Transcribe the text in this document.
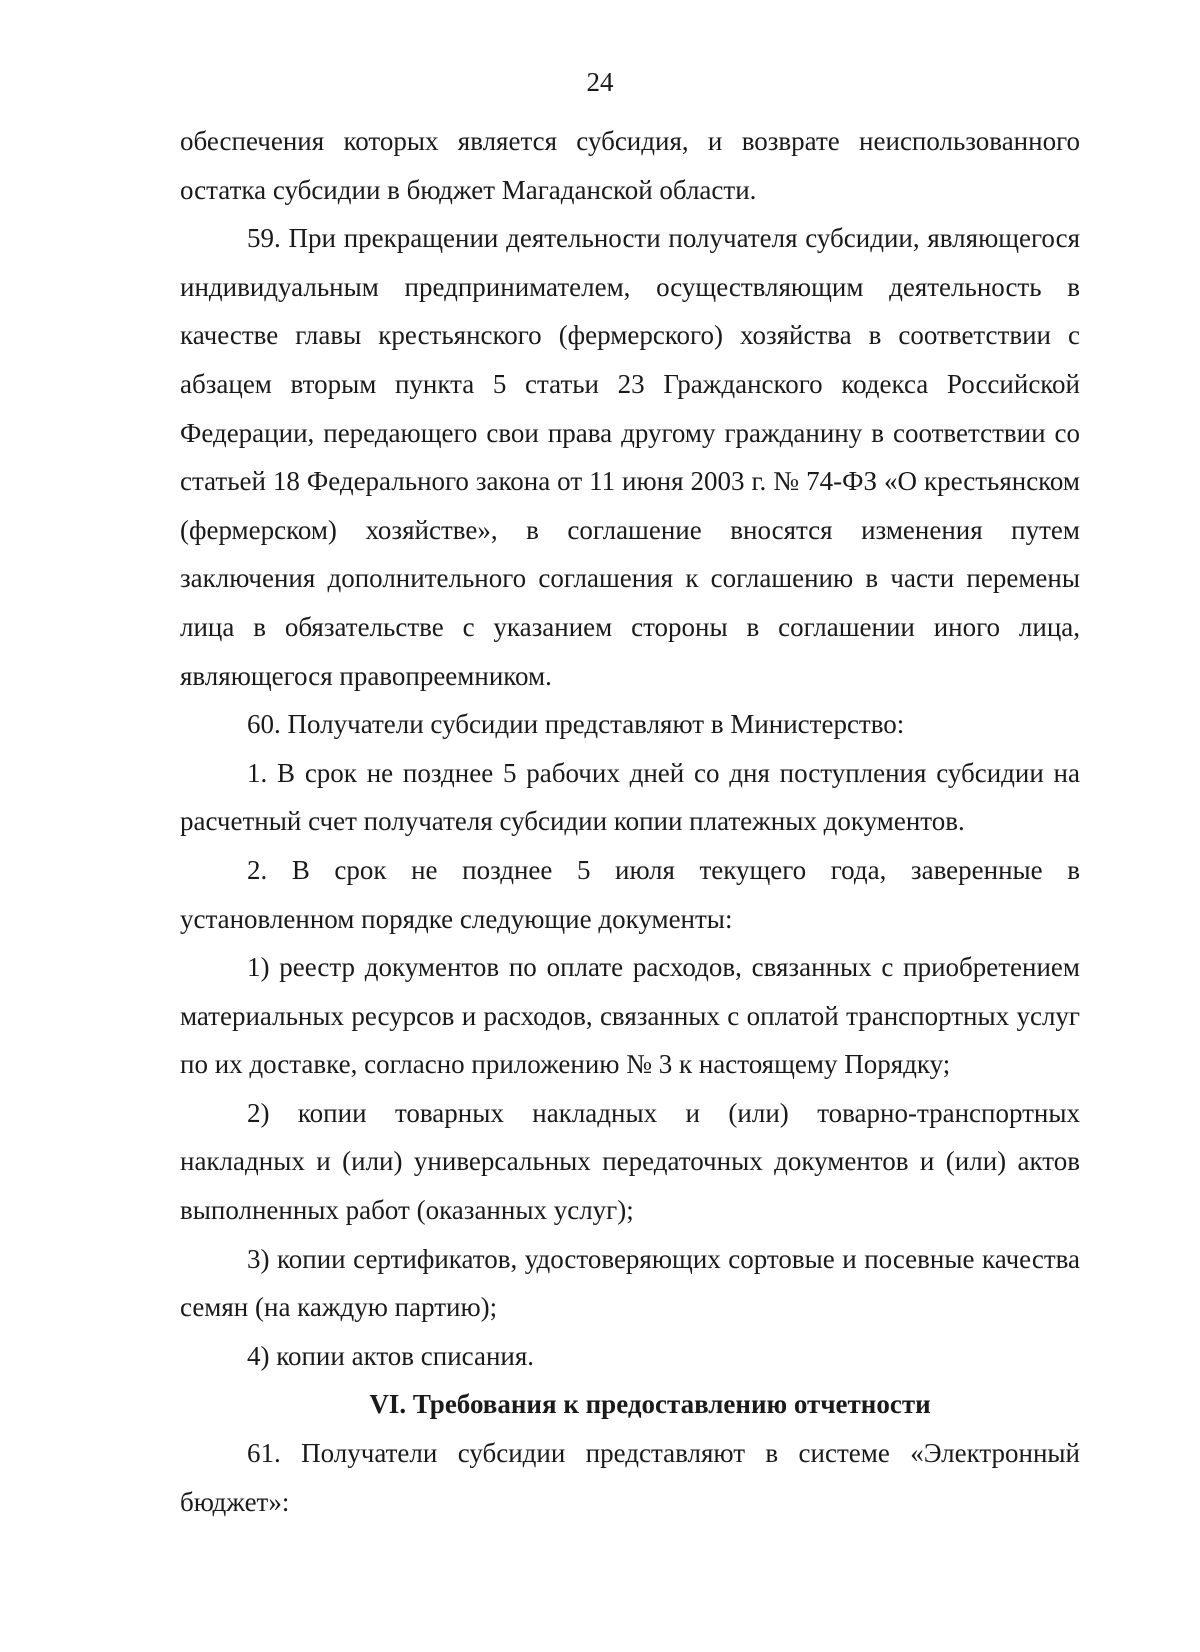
24

обеспечения которых является субсидия, и возврате неиспользованного остатка субсидии в бюджет Магаданской области.

59. При прекращении деятельности получателя субсидии, являющегося индивидуальным предпринимателем, осуществляющим деятельность в качестве главы крестьянского (фермерского) хозяйства в соответствии с абзацем вторым пункта 5 статьи 23 Гражданского кодекса Российской Федерации, передающего свои права другому гражданину в соответствии со статьей 18 Федерального закона от 11 июня 2003 г. № 74-ФЗ «О крестьянском (фермерском) хозяйстве», в соглашение вносятся изменения путем заключения дополнительного соглашения к соглашению в части перемены лица в обязательстве с указанием стороны в соглашении иного лица, являющегося правопреемником.

60. Получатели субсидии представляют в Министерство:

1. В срок не позднее 5 рабочих дней со дня поступления субсидии на расчетный счет получателя субсидии копии платежных документов.

2. В срок не позднее 5 июля текущего года, заверенные в установленном порядке следующие документы:

1) реестр документов по оплате расходов, связанных с приобретением материальных ресурсов и расходов, связанных с оплатой транспортных услуг по их доставке, согласно приложению № 3 к настоящему Порядку;

2) копии товарных накладных и (или) товарно-транспортных накладных и (или) универсальных передаточных документов и (или) актов выполненных работ (оказанных услуг);

3) копии сертификатов, удостоверяющих сортовые и посевные качества семян (на каждую партию);

4) копии актов списания.

VI. Требования к предоставлению отчетности

61. Получатели субсидии представляют в системе «Электронный бюджет»:
